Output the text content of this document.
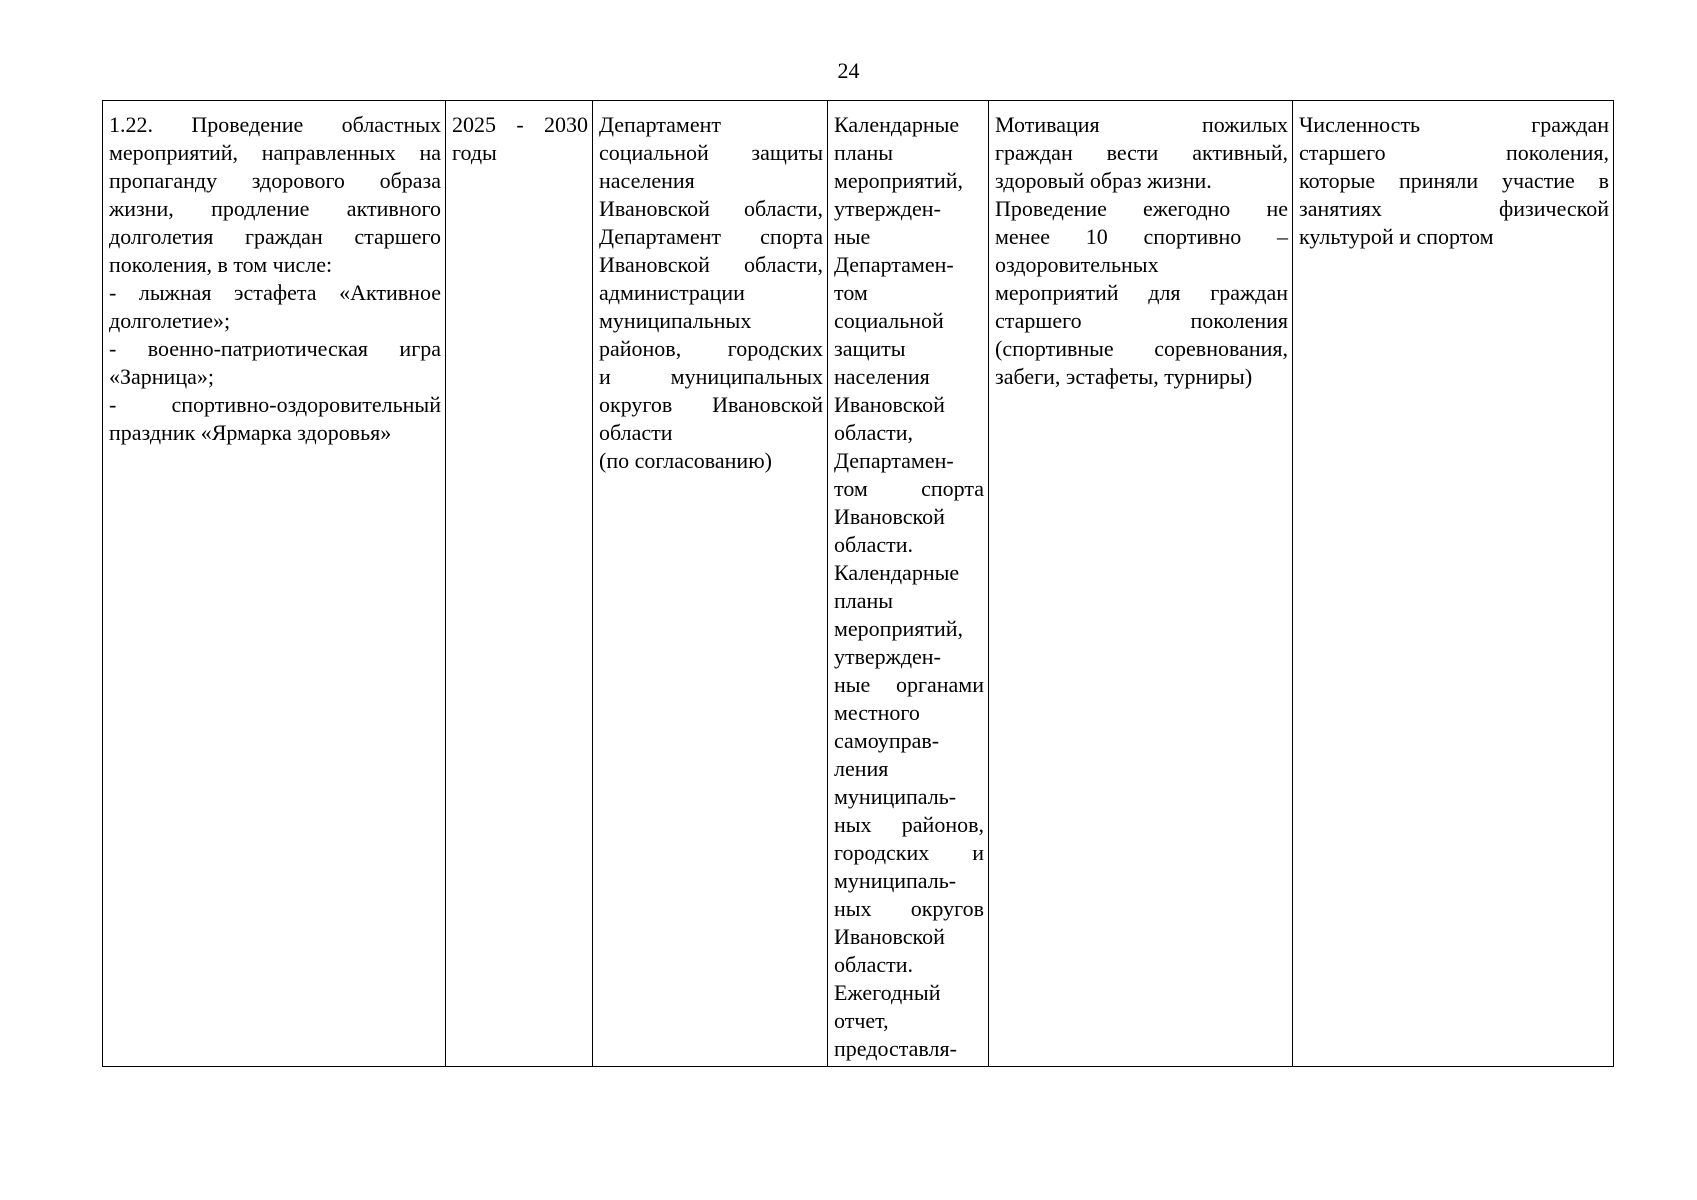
24
1.22. Проведение областных
мероприятий, направленных на
пропаганду здорового образа
жизни, продление активного
долголетия граждан старшего
поколения, в том числе:
- лыжная эстафета «Активное
долголетие»;
- военно-патриотическая игра
«Зарница»;
- спортивно-оздоровительный
праздник «Ярмарка здоровья»

2025 - 2030
годы

Департамент
социальной защиты
населения
Ивановской области,
Департамент спорта
Ивановской области,
администрации
муниципальных
районов, городских
и муниципальных
округов Ивановской
области
(по согласованию)

Календарные
планы
мероприятий,
утвержден-
ные
Департамен-
том
социальной
защиты
населения
Ивановской
области,
Департамен-
том спорта
Ивановской
области.
Календарные
планы
мероприятий,
утвержден-
ные органами
местного
самоуправ-
ления
муниципаль-
ных районов,
городских и
муниципаль-
ных округов
Ивановской
области.
Ежегодный
отчет,
предоставля-

Мотивация пожилых
граждан вести активный,
здоровый образ жизни.
Проведение ежегодно не
менее 10 спортивно –
оздоровительных
мероприятий для граждан
старшего поколения
(спортивные соревнования,
забеги, эстафеты, турниры)

Численность граждан
старшего поколения,
которые приняли участие в
занятиях физической
культурой и спортом
